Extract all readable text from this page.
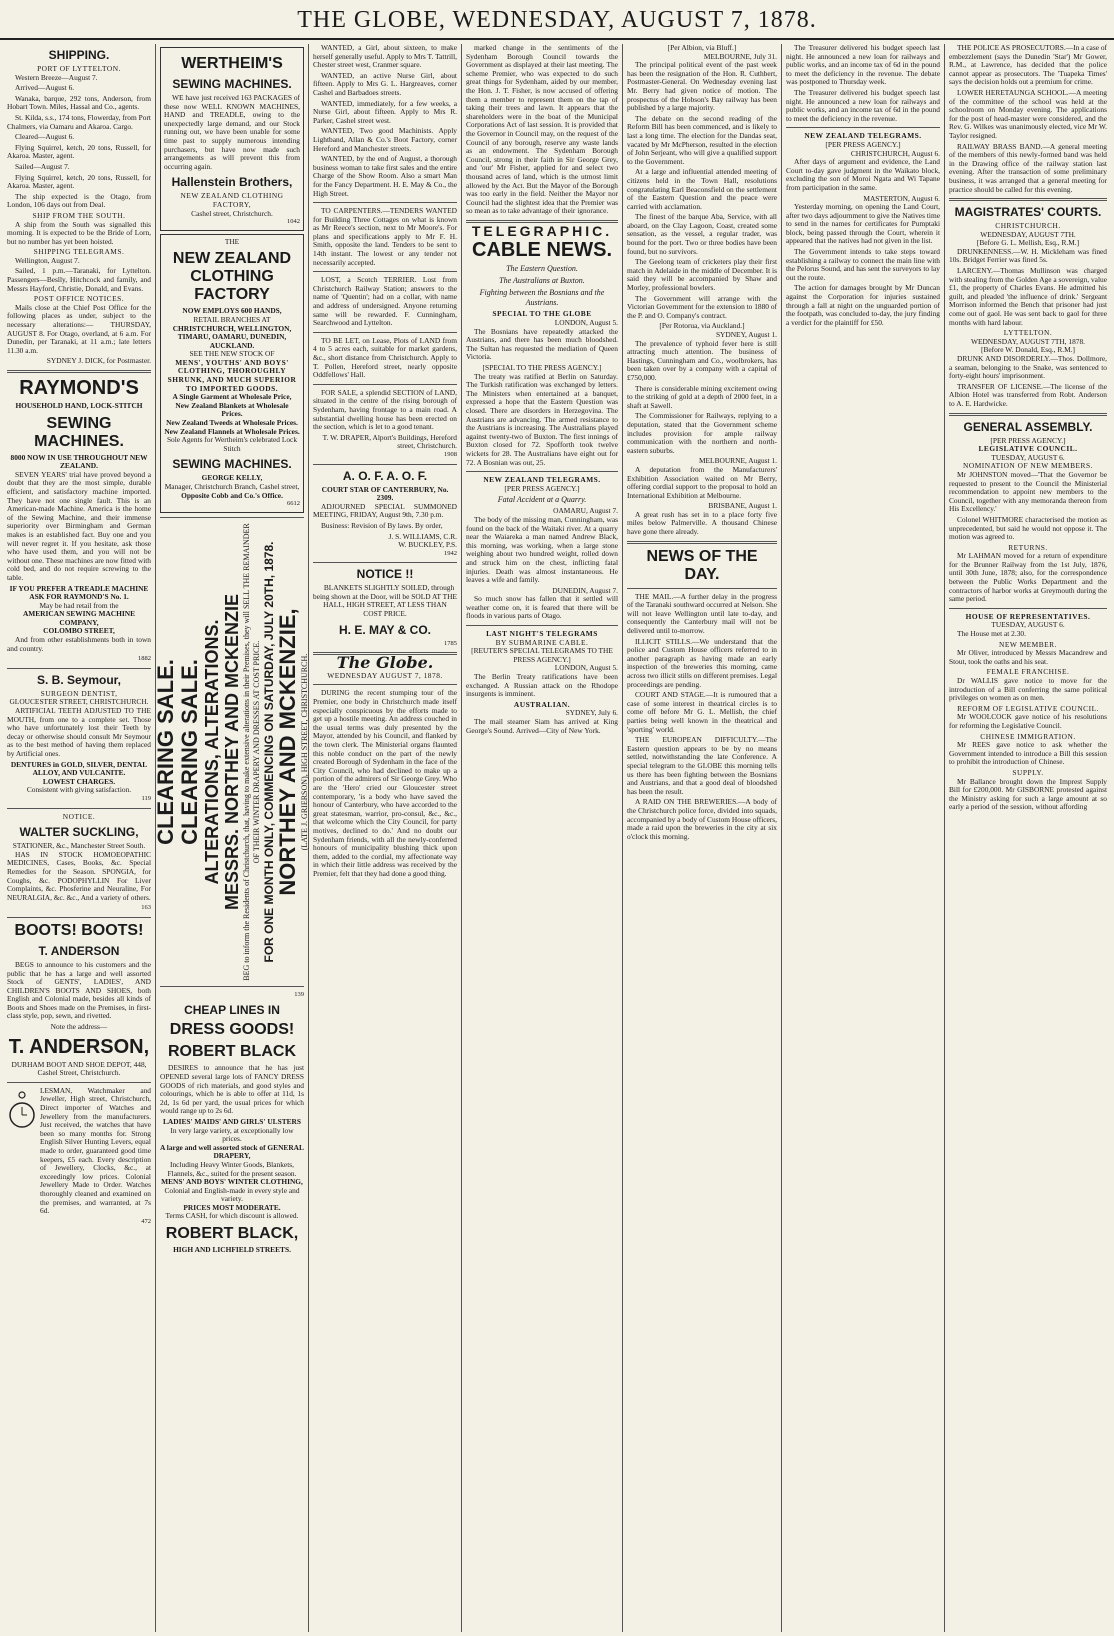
THE GLOBE, WEDNESDAY, AUGUST 7, 1878.
SHIPPING.
PORT OF LYTTELTON.

Western Breeze—August 7.

Arrived—August 6.

Wanaka, barque, 292 tons, Anderson, from Hobart Town. Miles, Hassal and Co., agents.

St. Kilda, s.s., 174 tons, Flowerday, from Port Chalmers, via Oamaru and Akaroa. Cargo.

Cleared—August 6.

Flying Squirrel, ketch, 20 tons, Russell, for Akaroa. Master, agent.

Sailed—August 7.

Flying Squirrel, ketch, 20 tons, Russell, for Akaroa. Master, agent.

The ship expected is the Otago, from London, 106 days out from Deal.

SHIP FROM THE SOUTH.

A ship from the South was signalled this morning. It is expected to be the Bride of Lorn, but no number has yet been hoisted.

SHIPPING TELEGRAMS.

Wellington, August 7.

Sailed, 1 p.m.—Taranaki, for Lyttelton. Passengers—Beslly, Hitchcock and family, and Messrs Hayford, Christie, Donald, and Evans.

POST OFFICE NOTICES.

Mails close at the Chief Post Office for the following places as under, subject to the necessary alterations:— THURSDAY, AUGUST 8. For Otago, overland, at 6 a.m. For Dunedin, per Taranaki, at 11 a.m.; late letters 11.30 a.m.

SYDNEY J. DICK, for Postmaster.
RAYMOND'S
HOUSEHOLD HAND, LOCK-STITCH
SEWING MACHINES.
8000 NOW IN USE THROUGHOUT NEW ZEALAND.

SEVEN YEARS' trial have proved beyond a doubt that they are the most simple, durable efficient, and satisfactory machine imported. They have not one single fault. This is an American-made Machine. America is the home of the Sewing Machine, and their immense superiority over Birmingham and German makes is an established fact. Buy one and you will never regret it. If you hesitate, ask those who have used them, and you will not be without one. These machines are now fitted with cold bed, and do not require screwing to the table.

IF YOU PREFER A TREADLE MACHINE ASK FOR RAYMOND'S No. 1.
May be had retail from the
AMERICAN SEWING MACHINE COMPANY,
COLOMBO STREET,

And from other establishments both in town and country.

1882
S. B. Seymour,
SURGEON DENTIST,
GLOUCESTER STREET, CHRISTCHURCH.

ARTIFICIAL TEETH ADJUSTED TO THE MOUTH, from one to a complete set. Those who have unfortunately lost their Teeth by decay or otherwise should consult Mr Seymour as to the best method of having them replaced by Artificial ones.

DENTURES in GOLD, SILVER, DENTAL ALLOY, AND VULCANITE.
LOWEST CHARGES.
Consistent with giving satisfaction.
119
NOTICE.
WALTER SUCKLING,
STATIONER, &c., Manchester Street South.

HAS IN STOCK HOMOEOPATHIC MEDICINES, Cases, Books, &c. Special Remedies for the Season. SPONGIA, for Coughs, &c. PODOPHYLLIN For Liver Complaints, &c. Phosferine and Neuraline, For NEURALGIA, &c. &c., And a variety of others.

163
BOOTS! BOOTS!
T. ANDERSON

BEGS to announce to his customers and the public that he has a large and well assorted Stock of GENTS', LADIES', AND CHILDREN'S BOOTS AND SHOES, both English and Colonial made, besides all kinds of Boots and Shoes made on the Premises, in first-class style, pop, sewn, and rivetted.

Note the address—
T. ANDERSON,
DURHAM BOOT AND SHOE DEPOT, 448, Cashel Street, Christchurch.

LESMAN, Watchmaker and Jeweller, High street, Christchurch, Direct importer of Watches and Jewellery from the manufacturers. Just received, the watches that have been so many months for. Strong English Silver Hunting Levers, equal made to order, guaranteed good time keepers, £5 each. Every description of Jewellery, Clocks, &c., at exceedingly low prices. Colonial Jewellery Made to Order. Watches thoroughly cleaned and examined on the premises, and warranted, at 7s 6d.

472
WERTHEIM'S
SEWING MACHINES.

WE have just received 163 PACKAGES of these now WELL KNOWN MACHINES, HAND and TREADLE, owing to the unexpectedly large demand, and our Stock running out, we have been unable for some time past to supply numerous intending purchasers, but have now made such arrangements as will prevent this from occurring again.

Hallenstein Brothers,
NEW ZEALAND CLOTHING FACTORY,
Cashel street, Christchurch.
1042
THE
NEW ZEALAND CLOTHING FACTORY
NOW EMPLOYS 600 HANDS,
RETAIL BRANCHES AT
CHRISTCHURCH, WELLINGTON, TIMARU, OAMARU, DUNEDIN, AUCKLAND.
SEE THE NEW STOCK OF
MENS', YOUTHS' AND BOYS' CLOTHING, THOROUGHLY SHRUNK, AND MUCH SUPERIOR TO IMPORTED GOODS.
A Single Garment at Wholesale Price,
New Zealand Blankets at Wholesale Prices.
New Zealand Tweeds at Wholesale Prices.
New Zealand Flannels at Wholesale Prices.
Sole Agents for Wertheim's celebrated Lock Stitch
SEWING MACHINES.
GEORGE KELLY,
Manager, Christchurch Branch, Cashel street,
Opposite Cobb and Co.'s Office.
6612
CLEARING SALE. CLEARING SALE. ALTERATIONS, ALTERATIONS. MESSRS. NORTHEY AND MCKENZIE BEG to inform the Residents of Christchurch, that, having to make extensive alterations in their Premises, they will SELL THE REMAINDER OF THEIR WINTER DRAPERY AND DRESSES AT COST PRICE. FOR ONE MONTH ONLY, COMMENCING ON SATURDAY, JULY 20TH, 1878. NORTHEY AND MCKENZIE, (LATE J. GRIERSON), HIGH STREET, CHRISTCHURCH.
139
CHEAP LINES IN
DRESS GOODS!
ROBERT BLACK

DESIRES to announce that he has just OPENED several large lots of FANCY DRESS GOODS of rich materials, and good styles and colourings, which he is able to offer at 11d, 1s 2d, 1s 6d per yard, the usual prices for which would range up to 2s 6d.

LADIES' MAIDS' AND GIRLS' ULSTERS
In very large variety, at exceptionally low prices.
A large and well assorted stock of GENERAL DRAPERY,
Including Heavy Winter Goods, Blankets, Flannels, &c., suited for the present season.
MENS' AND BOYS' WINTER CLOTHING,
Colonial and English-made in every style and variety.
PRICES MOST MODERATE.
Terms CASH, for which discount is allowed.
ROBERT BLACK,
HIGH AND LICHFIELD STREETS.

WANTED, a Girl, about sixteen, to make herself generally useful. Apply to Mrs T. Tattrill, Chester street west, Cranmer square.

WANTED, an active Nurse Girl, about fifteen. Apply to Mrs G. L. Hargreaves, corner Cashel and Barbadoes streets.

WANTED, immediately, for a few weeks, a Nurse Girl, about fifteen. Apply to Mrs R. Parker, Cashel street west.

WANTED, Two good Machinists. Apply Lightband, Allan & Co.'s Boot Factory, corner Hereford and Manchester streets.

WANTED, by the end of August, a thorough business woman to take first sales and the entire Charge of the Show Room. Also a smart Man for the Fancy Department. H. E. May & Co., the High Street.

TO CARPENTERS.—TENDERS WANTED for Building Three Cottages on what is known as Mr Reece's section, next to Mr Moore's. For plans and specifications apply to Mr F. H. Smith, opposite the land. Tenders to be sent to 14th instant. The lowest or any tender not necessarily accepted.

LOST, a Scotch TERRIER. Lost from Christchurch Railway Station; answers to the name of 'Quentin'; had on a collar, with name and address of undersigned. Anyone returning same will be rewarded. F. Cunningham, Searchwood and Lyttelton.

TO BE LET, on Lease, Plots of LAND from 4 to 5 acres each, suitable for market gardens, &c., short distance from Christchurch. Apply to T. Pollen, Hereford street, nearly opposite Oddfellows' Hall.

FOR SALE, a splendid SECTION of LAND, situated in the centre of the rising borough of Sydenham, having frontage to a main road. A substantial dwelling house has been erected on the section, which is let to a good tenant.

T. W. DRAPER, Alport's Buildings, Hereford street, Christchurch.
1908
A. O. F. A. O. F.
COURT STAR OF CANTERBURY, No. 2309.

ADJOURNED SPECIAL SUMMONED MEETING, FRIDAY, August 9th, 7.30 p.m.

Business: Revision of By laws. By order,

J. S. WILLIAMS, C.R.
W. BUCKLEY, P.S.
1942
NOTICE !!

BLANKETS SLIGHTLY SOILED, through being shown at the Door, will be SOLD AT THE HALL, HIGH STREET, AT LESS THAN COST PRICE.

H. E. MAY & CO.
1785
The Globe.
WEDNESDAY AUGUST 7, 1878.

DURING the recent stumping tour of the Premier, one body in Christchurch made itself especially conspicuous by the efforts made to get up a hostile meeting. An address couched in the usual terms was duly presented by the Mayor, attended by his Council, and flanked by the town clerk. The Ministerial organs flaunted this noble conduct on the part of the newly created Borough of Sydenham in the face of the City Council, who had declined to make up a portion of the admirers of Sir George Grey. Who are the 'Hero' cried our Gloucester street contemporary, 'is a body who have saved the honour of Canterbury, who have accorded to the great statesman, warrior, pro-consul, &c., &c., that welcome which the City Council, for party motives, declined to do.' And no doubt our Sydenham friends, with all the newly-conferred honours of municipality blushing thick upon them, added to the cordial, my affectionate way in which their little address was received by the Premier, felt that they had done a good thing.

marked change in the sentiments of the Sydenham Borough Council towards the Government as displayed at their last meeting. The scheme Premier, who was expected to do such great things for Sydenham, aided by our member, the Hon. J. T. Fisher, is now accused of offering them a member to represent them on the tap of taking their trees and lawn. It appears that the shareholders were in the boat of the Municipal Corporations Act of last session. It is provided that the Governor in Council may, on the request of the Council of any borough, reserve any waste lands as an endowment. The Sydenham Borough Council, strong in their faith in Sir George Grey, and 'our' Mr Fisher, applied for and select two thousand acres of land, which is the utmost limit allowed by the Act. But the Mayor of the Borough was too early in the field. Neither the Mayor nor Council had the slightest idea that the Premier was so mean as to take advantage of their ignorance.

TELEGRAPHIC.
CABLE NEWS.
The Eastern Question.
The Australians at Buxton.
Fighting between the Bosnians and the Austrians.
SPECIAL TO THE GLOBE
LONDON, August 5.

The Bosnians have repeatedly attacked the Austrians, and there has been much bloodshed. The Sultan has requested the mediation of Queen Victoria.

[SPECIAL TO THE PRESS AGENCY.]

The treaty was ratified at Berlin on Saturday. The Turkish ratification was exchanged by letters. The Ministers when entertained at a banquet, expressed a hope that the Eastern Question was closed. There are disorders in Herzegovina. The Austrians are advancing. The armed resistance to the Austrians is increasing. The Australians played against twenty-two of Buxton. The first innings of Buxton closed for 72. Spofforth took twelve wickets for 28. The Australians have eight out for 72. A Bosnian was out, 25.

NEW ZEALAND TELEGRAMS.
[PER PRESS AGENCY.]
Fatal Accident at a Quarry.
OAMARU, August 7.

The body of the missing man, Cunningham, was found on the back of the Waitaki river. At a quarry near the Waiareka a man named Andrew Black, this morning, was working, when a large stone weighing about two hundred weight, rolled down and struck him on the chest, inflicting fatal injuries. Death was almost instantaneous. He leaves a wife and family.

DUNEDIN, August 7.

So much snow has fallen that it settled will weather come on, it is feared that there will be floods in various parts of Otago.

LAST NIGHT'S TELEGRAMS
BY SUBMARINE CABLE.
[REUTER'S SPECIAL TELEGRAMS TO THE PRESS AGENCY.]
LONDON, August 5.

The Berlin Treaty ratifications have been exchanged. A Russian attack on the Rhodope insurgents is imminent.

AUSTRALIAN.
SYDNEY, July 6.

The mail steamer Siam has arrived at King George's Sound. Arrived—City of New York.

[Per Albion, via Bluff.]
MELBOURNE, July 31.

The principal political event of the past week has been the resignation of the Hon. R. Cuthbert, Postmaster-General. On Wednesday evening last Mr. Berry had given notice of motion. The prospectus of the Hobson's Bay railway has been published by a large majority.

The debate on the second reading of the Reform Bill has been commenced, and is likely to last a long time. The election for the Dandas seat, vacated by Mr McPherson, resulted in the election of John Serjeant, who will give a qualified support to the Government.

At a large and influential attended meeting of citizens held in the Town Hall, resolutions congratulating Earl Beaconsfield on the settlement of the Eastern Question and the peace were carried with acclamation.

The finest of the barque Aba, Service, with all aboard, on the Clay Lagoon, Coast, created some sensation, as the vessel, a regular trader, was bound for the port. Two or three bodies have been found, but no survivors.

The Geelong team of cricketers play their first match in Adelaide in the middle of December. It is said they will be accompanied by Shaw and Morley, professional bowlers.

The Government will arrange with the Victorian Government for the extension to 1880 of the P. and O. Company's contract.

[Per Rotorua, via Auckland.]
SYDNEY, August 1.

The prevalence of typhoid fever here is still attracting much attention. The business of Hastings, Cunningham and Co., woolbrokers, has been taken over by a company with a capital of £750,000.

There is considerable mining excitement owing to the striking of gold at a depth of 2000 feet, in a shaft at Sawell.

The Commissioner for Railways, replying to a deputation, stated that the Government scheme includes provision for ample railway communication with the northern and north-eastern suburbs.

MELBOURNE, August 1.

A deputation from the Manufacturers' Exhibition Association waited on Mr Berry, offering cordial support to the proposal to hold an International Exhibition at Melbourne.

BRISBANE, August 1.

A great rush has set in to a place forty five miles below Palmerville. A thousand Chinese have gone there already.

NEWS OF THE DAY.

THE MAIL.—A further delay in the progress of the Taranaki southward occurred at Nelson. She will not leave Wellington until late to-day, and consequently the Canterbury mail will not be delivered until to-morrow.

ILLICIT STILLS.—We understand that the police and Custom House officers referred to in another paragraph as having made an early inspection of the breweries this morning, came across two illicit stills on different premises. Legal proceedings are pending.

COURT AND STAGE.—It is rumoured that a case of some interest in theatrical circles is to come off before Mr G. L. Mellish, the chief parties being well known in the theatrical and 'sporting' world.

THE EUROPEAN DIFFICULTY.—The Eastern question appears to be by no means settled, notwithstanding the late Conference. A special telegram to the GLOBE this morning tells us there has been fighting between the Bosnians and Austrians, and that a good deal of bloodshed has been the result.

A RAID ON THE BREWERIES.—A body of the Christchurch police force, divided into squads, accompanied by a body of Custom House officers, made a raid upon the breweries in the city at six o'clock this morning.

The Treasurer delivered his budget speech last night. He announced a new loan for railways and public works, and an income tax of 6d in the pound to meet the deficiency in the revenue. The debate was postponed to Thursday week.

The Treasurer delivered his budget speech last night. He announced a new loan for railways and public works, and an income tax of 6d in the pound to meet the deficiency in the revenue.

NEW ZEALAND TELEGRAMS.
[PER PRESS AGENCY.]
CHRISTCHURCH, August 6.

After days of argument and evidence, the Land Court to-day gave judgment in the Waikato block, excluding the son of Moroi Ngata and Wi Tapane from participation in the same.

MASTERTON, August 6.

Yesterday morning, on opening the Land Court, after two days adjournment to give the Natives time to send in the names for certificates for Pumptaki block, being passed through the Court, wherein it appeared that the natives had not given in the list.

The Government intends to take steps toward establishing a railway to connect the main line with the Pelorus Sound, and has sent the surveyors to lay out the route.

The action for damages brought by Mr Duncan against the Corporation for injuries sustained through a fall at night on the unguarded portion of the footpath, was concluded to-day, the jury finding a verdict for the plaintiff for £50.

THE POLICE AS PROSECUTORS.—In a case of embezzlement (says the Dunedin 'Star') Mr Gower, R.M., at Lawrence, has decided that the police cannot appear as prosecutors. The 'Tuapeka Times' says the decision holds out a premium for crime.

LOWER HERETAUNGA SCHOOL.—A meeting of the committee of the school was held at the schoolroom on Monday evening. The applications for the post of head-master were considered, and the Rev. G. Wilkes was unanimously elected, vice Mr W. Taylor resigned.

RAILWAY BRASS BAND.—A general meeting of the members of this newly-formed band was held in the Drawing office of the railway station last evening. After the transaction of some preliminary business, it was arranged that a general meeting for practice should be called for this evening.

MAGISTRATES' COURTS.
CHRISTCHURCH.
WEDNESDAY, AUGUST 7TH.
[Before G. L. Mellish, Esq., R.M.]

DRUNKENNESS.—W. H. Mickleham was fined 10s. Bridget Ferrier was fined 5s.

LARCENY.—Thomas Mullinson was charged with stealing from the Golden Age a sovereign, value £1, the property of Charles Evans. He admitted his guilt, and pleaded 'the influence of drink.' Sergeant Morrison informed the Bench that prisoner had just come out of gaol. He was sent back to gaol for three months with hard labour.

LYTTELTON.
WEDNESDAY, AUGUST 7TH, 1878.
[Before W. Donald, Esq., R.M.]

DRUNK AND DISORDERLY.—Thos. Dollmore, a seaman, belonging to the Snake, was sentenced to forty-eight hours' imprisonment.

TRANSFER OF LICENSE.—The license of the Albion Hotel was transferred from Robt. Anderson to A. E. Hardwicke.

GENERAL ASSEMBLY.
[PER PRESS AGENCY.]
LEGISLATIVE COUNCIL.
TUESDAY, AUGUST 6.
NOMINATION OF NEW MEMBERS.

Mr JOHNSTON moved—'That the Governor be requested to present to the Council the Ministerial recommendation to appoint new members to the Council, together with any memoranda thereon from His Excellency.'

Colonel WHITMORE characterised the motion as unprecedented, but said he would not oppose it. The motion was agreed to.

RETURNS.

Mr LAHMAN moved for a return of expenditure for the Brunner Railway from the 1st July, 1876, until 30th June, 1878; also, for the correspondence between the Public Works Department and the contractors of harbor works at Greymouth during the same period.

HOUSE OF REPRESENTATIVES.
TUESDAY, AUGUST 6.

The House met at 2.30.

NEW MEMBER.

Mr Oliver, introduced by Messrs Macandrew and Stout, took the oaths and his seat.

FEMALE FRANCHISE.

Dr WALLIS gave notice to move for the introduction of a Bill conferring the same political privileges on women as on men.

REFORM OF LEGISLATIVE COUNCIL.

Mr WOOLCOCK gave notice of his resolutions for reforming the Legislative Council.

CHINESE IMMIGRATION.

Mr REES gave notice to ask whether the Government intended to introduce a Bill this session to prohibit the introduction of Chinese.

SUPPLY.

Mr Ballance brought down the Imprest Supply Bill for £200,000. Mr GISBORNE protested against the Ministry asking for such a large amount at so early a period of the session, without affording
